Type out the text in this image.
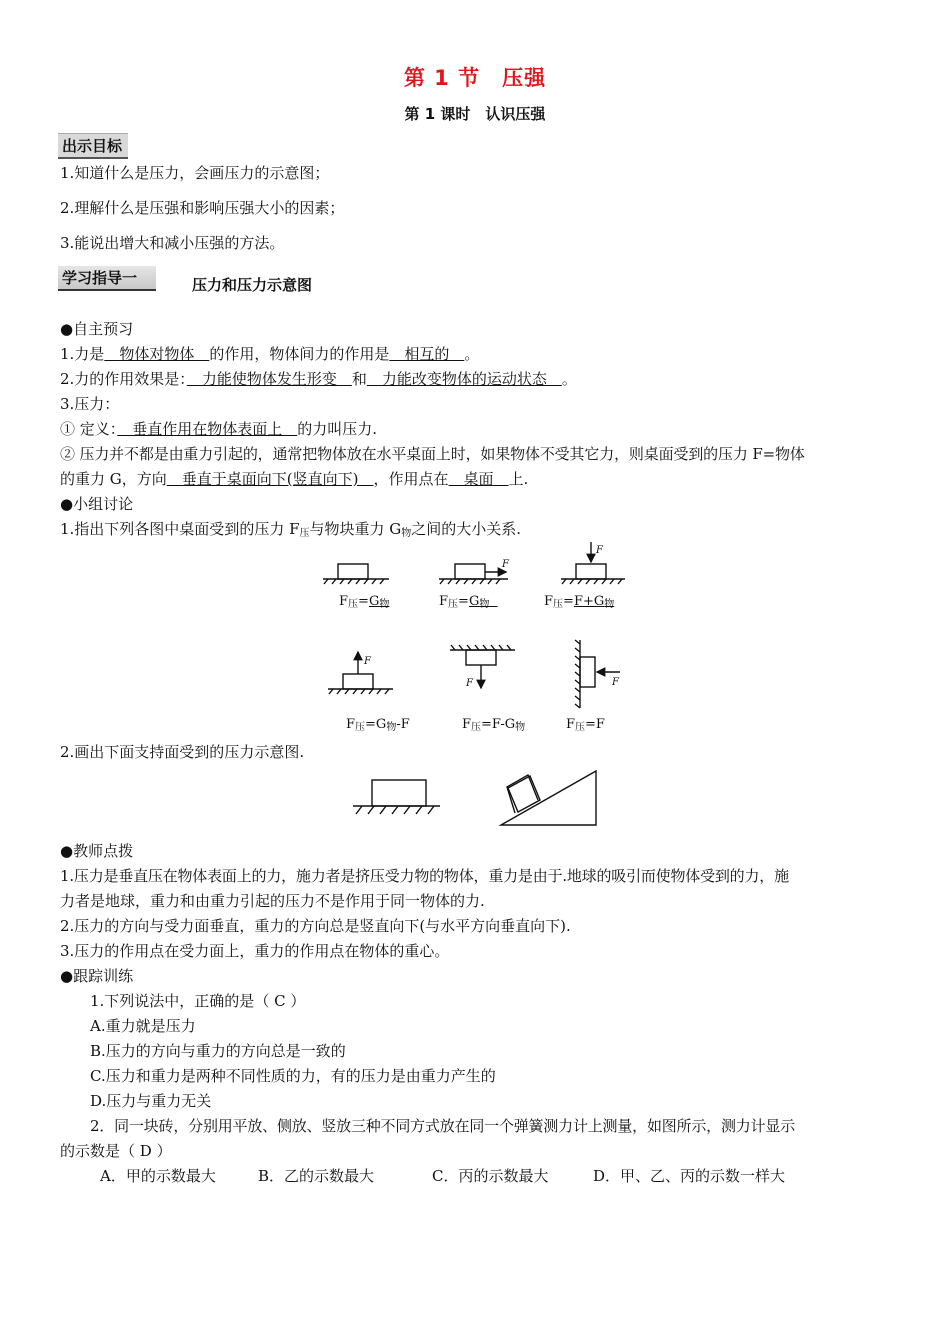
第 1 节　压强
第 1 课时　认识压强
出示目标
1.知道什么是压力，会画压力的示意图；
2.理解什么是压强和影响压强大小的因素；
3.能说出增大和减小压强的方法。
学习指导一	压力和压力示意图
●自主预习
1.力是　物体对物体　的作用，物体间力的作用是　相互的　。
2.力的作用效果是：　力能使物体发生形变　和　力能改变物体的运动状态　。
3.压力：
① 定义：　垂直作用在物体表面上　的力叫压力.
② 压力并不都是由重力引起的，通常把物体放在水平桌面上时，如果物体不受其它力，则桌面受到的压力 F=物体
的重力 G，方向　垂直于桌面向下(竖直向下)　，作用点在　桌面　上.
●小组讨论
1.指出下列各图中桌面受到的压力 $F_压$与物块重力 $G_物$之间的大小关系.
F
F
F
F	F
$F_压=G_物$	$F_压=G_物$	$F_压=F+G_物$
$F_压=G_物-F$	$F_压=F-G_物$	$F_压=F$
2.画出下面支持面受到的压力示意图.
●教师点拨
1.压力是垂直压在物体表面上的力，施力者是挤压受力物的物体，重力是由于.地球的吸引而使物体受到的力，施
力者是地球，重力和由重力引起的压力不是作用于同一物体的力.
2.压力的方向与受力面垂直，重力的方向总是竖直向下(与水平方向垂直向下).
3.压力的作用点在受力面上，重力的作用点在物体的重心。
●跟踪训练
1.下列说法中，正确的是（ C ）
A.重力就是压力
B.压力的方向与重力的方向总是一致的
C.压力和重力是两种不同性质的力，有的压力是由重力产生的
D.压力与重力无关
2．同一块砖，分别用平放、侧放、竖放三种不同方式放在同一个弹簧测力计上测量，如图所示，测力计显示
的示数是（ D ）
A．甲的示数最大	B．乙的示数最大	C．丙的示数最大	D．甲、乙、丙的示数一样大
